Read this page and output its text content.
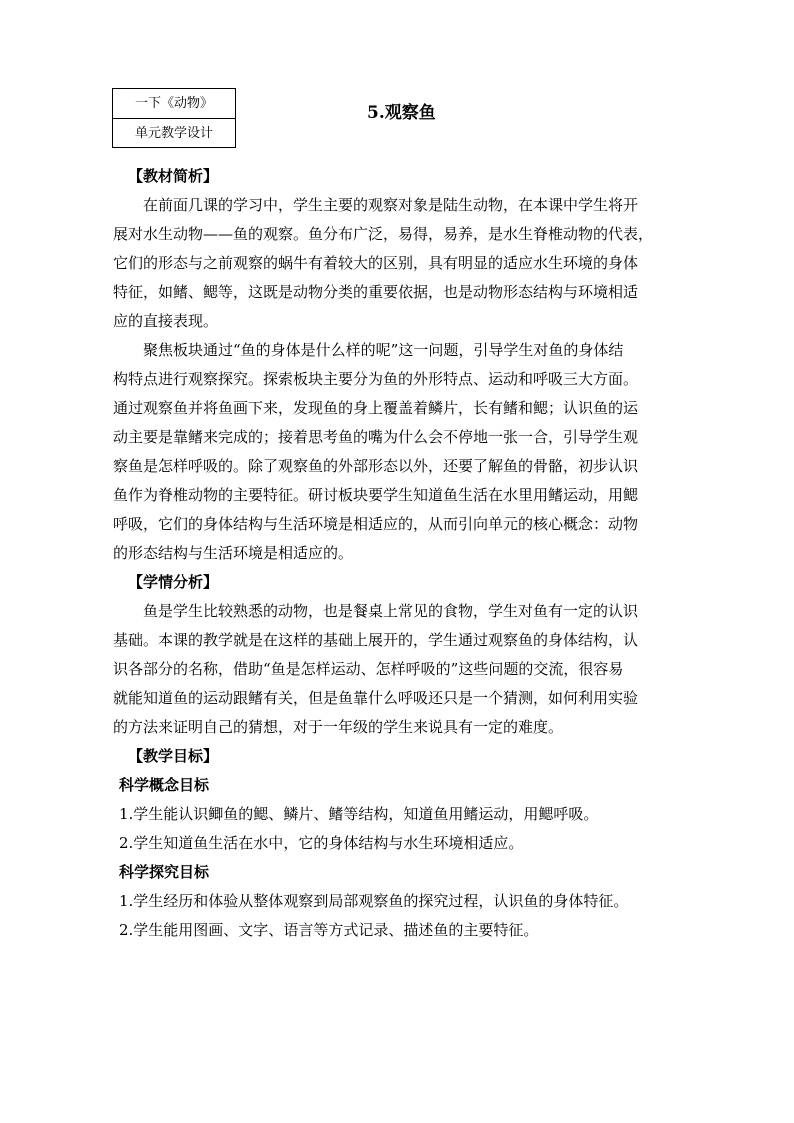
一下《动物》
单元教学设计
5.观察鱼
【教材简析】
在前面几课的学习中，学生主要的观察对象是陆生动物，在本课中学生将开
展对水生动物——鱼的观察。鱼分布广泛，易得，易养，是水生脊椎动物的代表，
它们的形态与之前观察的蜗牛有着较大的区别，具有明显的适应水生环境的身体
特征，如鳍、鳃等，这既是动物分类的重要依据，也是动物形态结构与环境相适
应的直接表现。
聚焦板块通过“鱼的身体是什么样的呢”这一问题，引导学生对鱼的身体结
构特点进行观察探究。探索板块主要分为鱼的外形特点、运动和呼吸三大方面。
通过观察鱼并将鱼画下来，发现鱼的身上覆盖着鳞片，长有鳍和鳃；认识鱼的运
动主要是靠鳍来完成的；接着思考鱼的嘴为什么会不停地一张一合，引导学生观
察鱼是怎样呼吸的。除了观察鱼的外部形态以外，还要了解鱼的骨骼，初步认识
鱼作为脊椎动物的主要特征。研讨板块要学生知道鱼生活在水里用鳍运动，用鳃
呼吸，它们的身体结构与生活环境是相适应的，从而引向单元的核心概念：动物
的形态结构与生活环境是相适应的。
【学情分析】
鱼是学生比较熟悉的动物，也是餐桌上常见的食物，学生对鱼有一定的认识
基础。本课的教学就是在这样的基础上展开的，学生通过观察鱼的身体结构，认
识各部分的名称，借助“鱼是怎样运动、怎样呼吸的”这些问题的交流，很容易
就能知道鱼的运动跟鳍有关，但是鱼靠什么呼吸还只是一个猜测，如何利用实验
的方法来证明自己的猜想，对于一年级的学生来说具有一定的难度。
【教学目标】
科学概念目标
1.学生能认识鲫鱼的鳃、鳞片、鳍等结构，知道鱼用鳍运动，用鳃呼吸。
2.学生知道鱼生活在水中，它的身体结构与水生环境相适应。
科学探究目标
1.学生经历和体验从整体观察到局部观察鱼的探究过程，认识鱼的身体特征。
2.学生能用图画、文字、语言等方式记录、描述鱼的主要特征。
